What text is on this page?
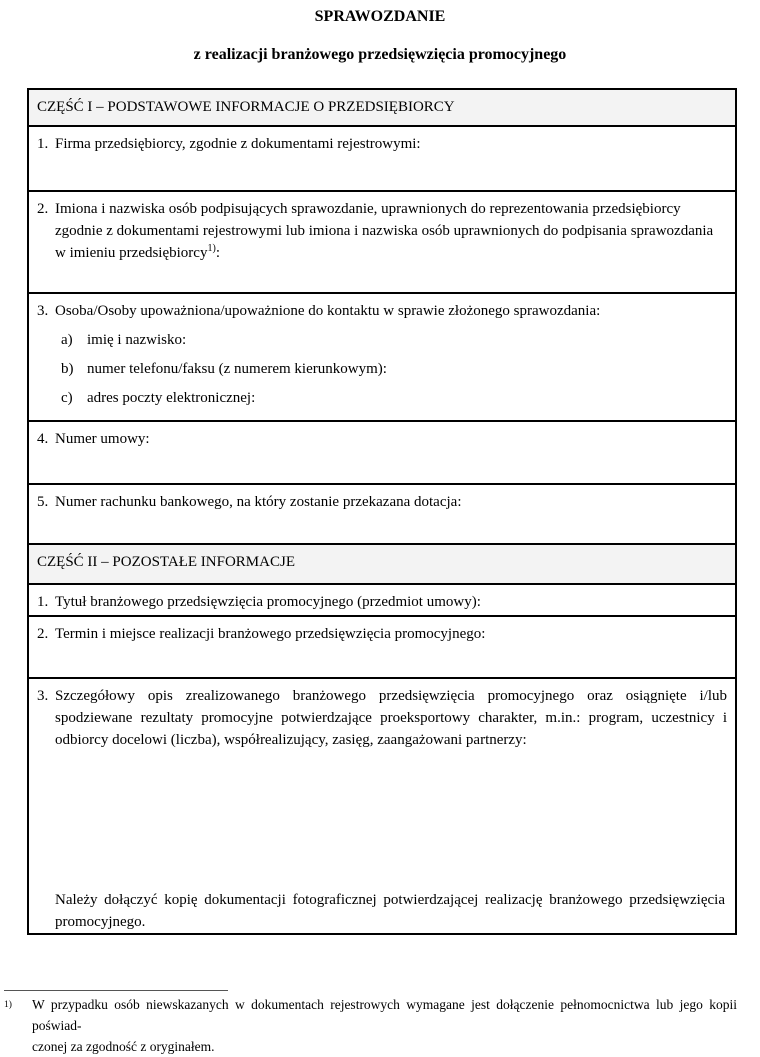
SPRAWOZDANIE
z realizacji branżowego przedsięwzięcia promocyjnego
CZĘŚĆ I – PODSTAWOWE INFORMACJE O PRZEDSIĘBIORCY

1. Firma przedsiębiorcy, zgodnie z dokumentami rejestrowymi:

2. Imiona i nazwiska osób podpisujących sprawozdanie, uprawnionych do reprezentowania przedsiębiorcy zgodnie z dokumentami rejestrowymi lub imiona i nazwiska osób uprawnionych do podpisania sprawozdania w imieniu przedsiębiorcy$^{1)}$:

3. Osoba/Osoby upoważniona/upoważnione do kontaktu w sprawie złożonego sprawozdania:
a) imię i nazwisko:
b) numer telefonu/faksu (z numerem kierunkowym):
c) adres poczty elektronicznej:

4. Numer umowy:

5. Numer rachunku bankowego, na który zostanie przekazana dotacja:

CZĘŚĆ II – POZOSTAŁE INFORMACJE

1. Tytuł branżowego przedsięwzięcia promocyjnego (przedmiot umowy):

2. Termin i miejsce realizacji branżowego przedsięwzięcia promocyjnego:

3. Szczegółowy opis zrealizowanego branżowego przedsięwzięcia promocyjnego oraz osiągnięte i/lub spodziewane rezultaty promocyjne potwierdzające proeksportowy charakter, m.in.: program, uczestnicy i odbiorcy docelowi (liczba), współrealizujący, zasięg, zaangażowani partnerzy:
Należy dołączyć kopię dokumentacji fotograficznej potwierdzającej realizację branżowego przedsięwzięcia promocyjnego.
1)	W przypadku osób niewskazanych w dokumentach rejestrowych wymagane jest dołączenie pełnomocnictwa lub jego kopii poświad-
czonej za zgodność z oryginałem.
